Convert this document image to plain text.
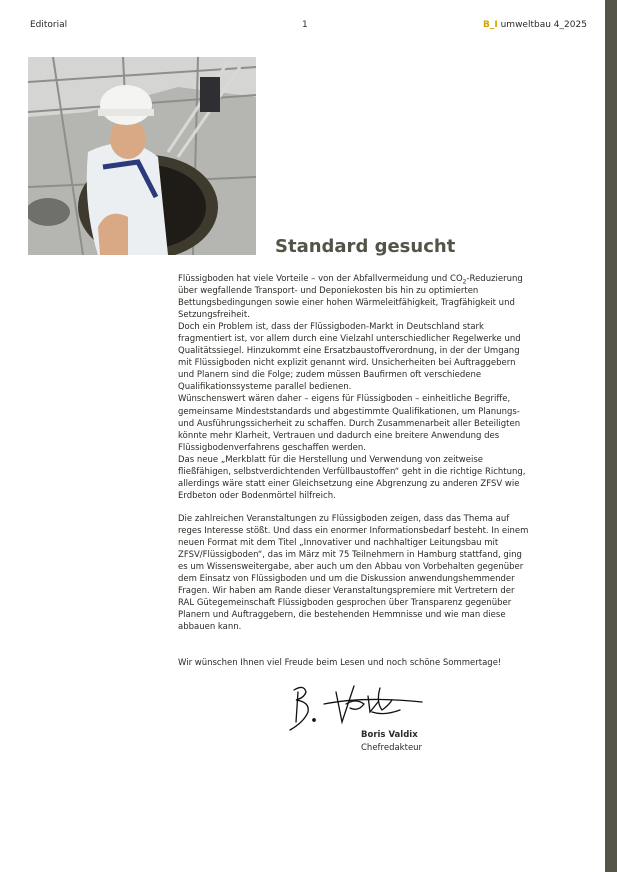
Editorial	1	B_I umweltbau 4_2025
Standard gesucht

Flüssigboden hat viele Vorteile – von der Abfallvermeidung und $CO_2$-Reduzierung über wegfallende Transport- und Deponiekosten bis hin zu optimierten Bettungsbedingungen sowie einer hohen Wärmeleitfähigkeit, Tragfähigkeit und Setzungsfreiheit.

Doch ein Problem ist, dass der Flüssigboden-Markt in Deutschland stark fragmentiert ist, vor allem durch eine Vielzahl unterschiedlicher Regelwerke und Qualitätssiegel. Hinzukommt eine Ersatzbaustoffverordnung, in der der Umgang mit Flüssigboden nicht explizit genannt wird. Unsicherheiten bei Auftraggebern und Planern sind die Folge; zudem müssen Baufirmen oft verschiedene Qualifikationssysteme parallel bedienen.

Wünschenswert wären daher – eigens für Flüssigboden – einheitliche Begriffe, gemeinsame Mindeststandards und abgestimmte Qualifikationen, um Planungs- und Ausführungssicherheit zu schaffen. Durch Zusammenarbeit aller Beteiligten könnte mehr Klarheit, Vertrauen und dadurch eine breitere Anwendung des Flüssigbodenverfahrens geschaffen werden.

Das neue „Merkblatt für die Herstellung und Verwendung von zeitweise fließfähigen, selbstverdichtenden Verfüllbaustoffen“ geht in die richtige Richtung, allerdings wäre statt einer Gleichsetzung eine Abgrenzung zu anderen ZFSV wie Erdbeton oder Bodenmörtel hilfreich.

Die zahlreichen Veranstaltungen zu Flüssigboden zeigen, dass das Thema auf reges Interesse stößt. Und dass ein enormer Informationsbedarf besteht. In einem neuen Format mit dem Titel „Innovativer und nachhaltiger Leitungsbau mit ZFSV/Flüssigboden“, das im März mit 75 Teilnehmern in Hamburg stattfand, ging es um Wissensweitergabe, aber auch um den Abbau von Vorbehalten gegenüber dem Einsatz von Flüssigboden und um die Diskussion anwendungshemmender Fragen. Wir haben am Rande dieser Veranstaltungspremiere mit Vertretern der RAL Gütegemeinschaft Flüssigboden gesprochen über Transparenz gegenüber Planern und Auftraggebern, die bestehenden Hemmnisse und wie man diese abbauen kann.

Wir wünschen Ihnen viel Freude beim Lesen und noch schöne Sommertage!

Boris Valdix
Chefredakteur
